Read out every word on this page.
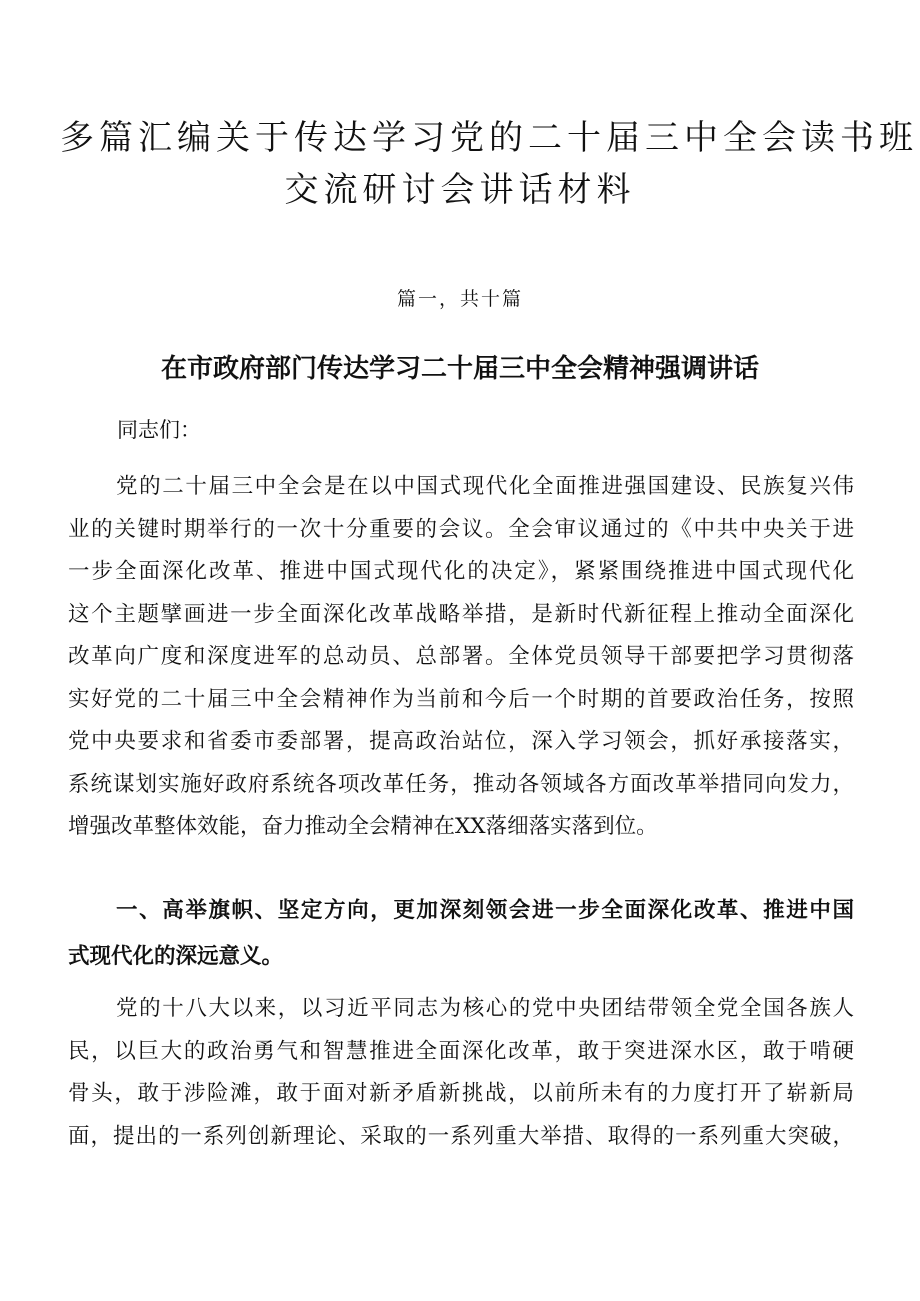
多篇汇编关于传达学习党的二十届三中全会读书班
交流研讨会讲话材料

篇一，共十篇

在市政府部门传达学习二十届三中全会精神强调讲话

同志们：

党的二十届三中全会是在以中国式现代化全面推进强国建设、民族复兴伟
业的关键时期举行的一次十分重要的会议。全会审议通过的《中共中央关于进
一步全面深化改革、推进中国式现代化的决定》，紧紧围绕推进中国式现代化
这个主题擘画进一步全面深化改革战略举措，是新时代新征程上推动全面深化
改革向广度和深度进军的总动员、总部署。全体党员领导干部要把学习贯彻落
实好党的二十届三中全会精神作为当前和今后一个时期的首要政治任务，按照
党中央要求和省委市委部署，提高政治站位，深入学习领会，抓好承接落实，
系统谋划实施好政府系统各项改革任务，推动各领域各方面改革举措同向发力，
增强改革整体效能，奋力推动全会精神在XX落细落实落到位。

一、高举旗帜、坚定方向，更加深刻领会进一步全面深化改革、推进中国
式现代化的深远意义。

党的十八大以来，以习近平同志为核心的党中央团结带领全党全国各族人
民，以巨大的政治勇气和智慧推进全面深化改革，敢于突进深水区，敢于啃硬
骨头，敢于涉险滩，敢于面对新矛盾新挑战，以前所未有的力度打开了崭新局
面，提出的一系列创新理论、采取的一系列重大举措、取得的一系列重大突破，
